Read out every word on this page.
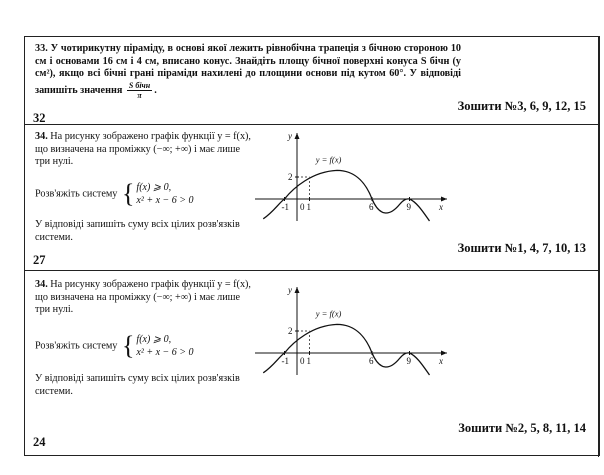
33. У чотирикутну піраміду, в основі якої лежить рівнобічна трапеція з бічною стороною 10 см і основами 16 см і 4 см, вписано конус. Знайдіть площу бічної поверхні конуса S бічн (у см²), якщо всі бічні грані піраміди нахилені до площини основи під кутом 60°. У відповіді запишіть значення $\frac{\text{S бічн}}{\pi}$ .
Зошити №3, 6, 9, 12, 15
32
34. На рисунку зображено графік функції y = f(x), що визначена на проміжку (−∞; +∞) і має лише три нулі.
Розв'яжіть систему { f(x) ⩾ 0,
x² + x − 6 > 0
У відповіді запишіть суму всіх цілих розв'язків системи.
y
x
0
-1 1	6	9
2
y = f(x)
Зошити №1, 4, 7, 10, 13
27
34. На рисунку зображено графік функції y = f(x), що визначена на проміжку (−∞; +∞) і має лише три нулі.
Розв'яжіть систему { f(x) ⩾ 0,
x² + x − 6 > 0
У відповіді запишіть суму всіх цілих розв'язків системи.
y
x
0
-1 1	6	9
2
y = f(x)
Зошити №2, 5, 8, 11, 14
24
